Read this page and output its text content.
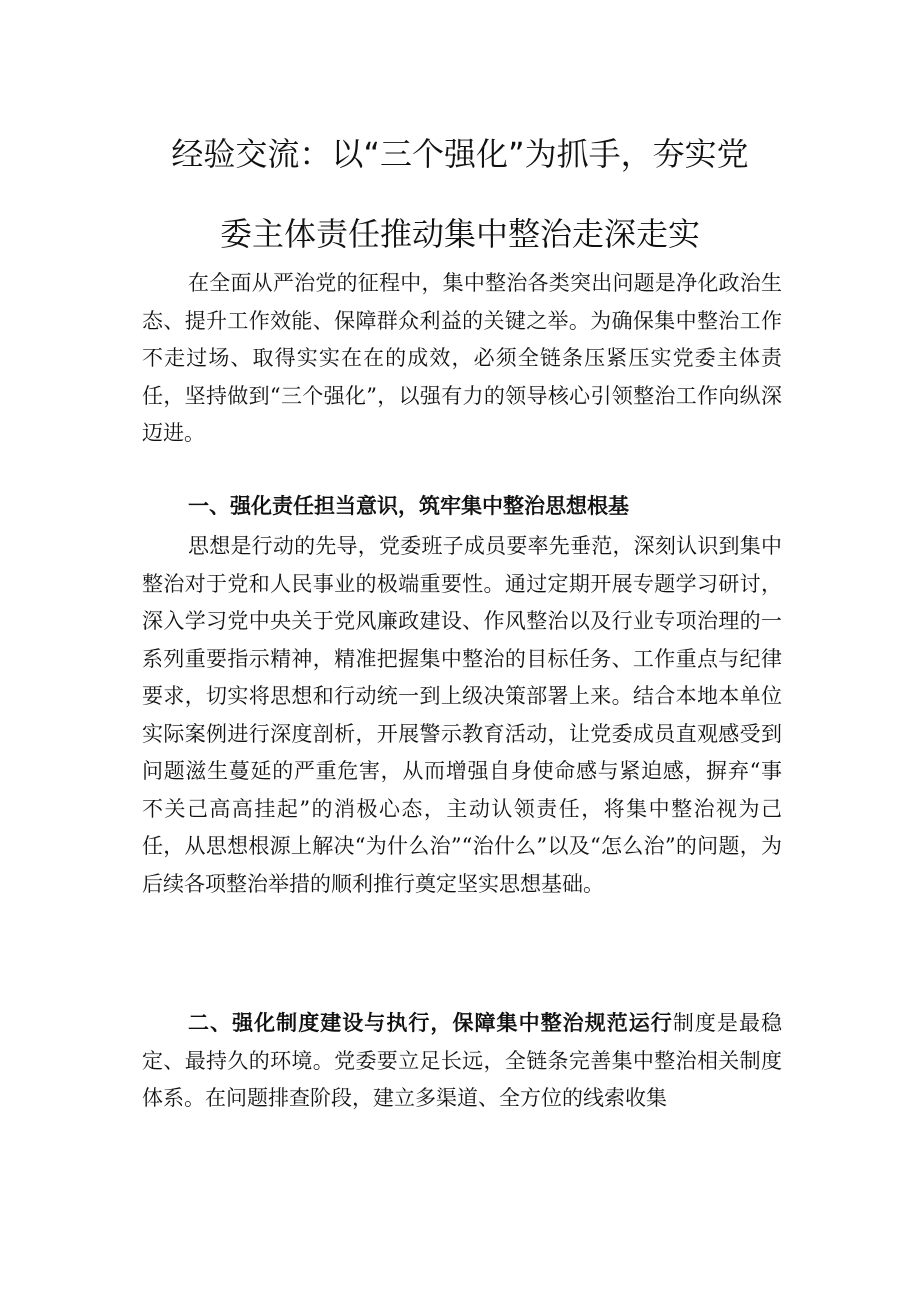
经验交流：以“三个强化”为抓手，夯实党
委主体责任推动集中整治走深走实

在全面从严治党的征程中，集中整治各类突出问题是净化政治生态、提升工作效能、保障群众利益的关键之举。为确保集中整治工作不走过场、取得实实在在的成效，必须全链条压紧压实党委主体责任，坚持做到“三个强化”，以强有力的领导核心引领整治工作向纵深迈进。

一、强化责任担当意识，筑牢集中整治思想根基

思想是行动的先导，党委班子成员要率先垂范，深刻认识到集中整治对于党和人民事业的极端重要性。通过定期开展专题学习研讨，深入学习党中央关于党风廉政建设、作风整治以及行业专项治理的一系列重要指示精神，精准把握集中整治的目标任务、工作重点与纪律要求，切实将思想和行动统一到上级决策部署上来。结合本地本单位实际案例进行深度剖析，开展警示教育活动，让党委成员直观感受到问题滋生蔓延的严重危害，从而增强自身使命感与紧迫感，摒弃“事不关己高高挂起”的消极心态，主动认领责任，将集中整治视为己任，从思想根源上解决“为什么治”“治什么”以及“怎么治”的问题，为后续各项整治举措的顺利推行奠定坚实思想基础。

二、强化制度建设与执行，保障集中整治规范运行制度是最稳定、最持久的环境。党委要立足长远，全链条完善集中整治相关制度体系。在问题排查阶段，建立多渠道、全方位的线索收集
